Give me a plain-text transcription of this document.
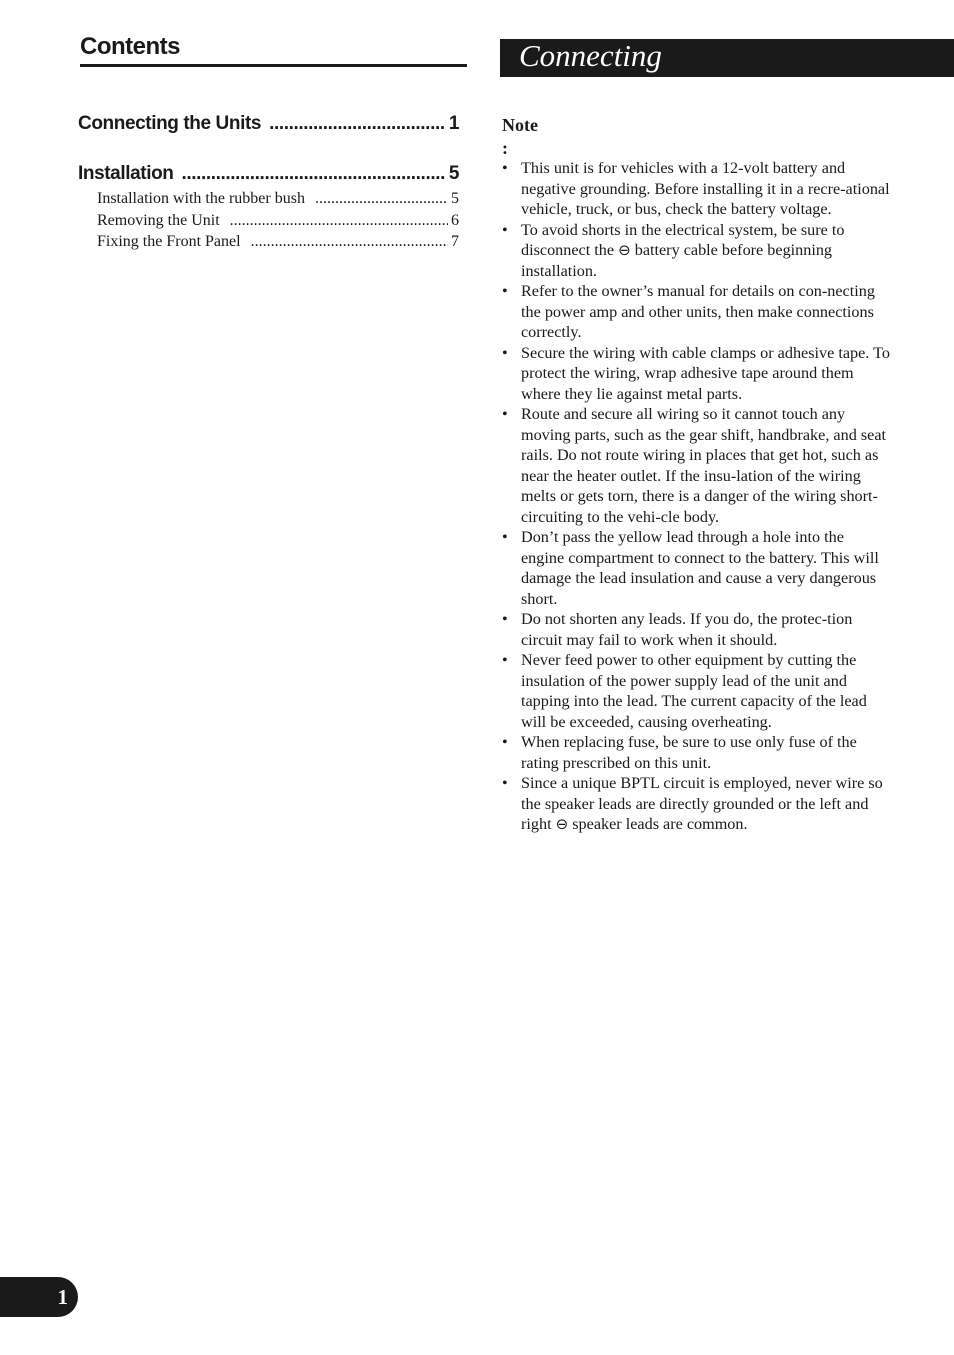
Contents	Connecting
Connecting the Units .....	1
Installation .....	5
Installation with the rubber bush .....	5
Removing the Unit .....	6
Fixing the Front Panel .....	7
Note
:
• This unit is for vehicles with a 12-volt battery and negative grounding. Before installing it in a recre-ational vehicle, truck, or bus, check the battery voltage.
• To avoid shorts in the electrical system, be sure to disconnect the ⊖ battery cable before beginning installation.
• Refer to the owner’s manual for details on con-necting the power amp and other units, then make connections correctly.
• Secure the wiring with cable clamps or adhesive tape. To protect the wiring, wrap adhesive tape around them where they lie against metal parts.
• Route and secure all wiring so it cannot touch any moving parts, such as the gear shift, handbrake, and seat rails. Do not route wiring in places that get hot, such as near the heater outlet. If the insu-lation of the wiring melts or gets torn, there is a danger of the wiring short-circuiting to the vehi-cle body.
• Don’t pass the yellow lead through a hole into the engine compartment to connect to the battery. This will damage the lead insulation and cause a very dangerous short.
• Do not shorten any leads. If you do, the protec-tion circuit may fail to work when it should.
• Never feed power to other equipment by cutting the insulation of the power supply lead of the unit and tapping into the lead. The current capacity of the lead will be exceeded, causing overheating.
• When replacing fuse, be sure to use only fuse of the rating prescribed on this unit.
• Since a unique BPTL circuit is employed, never wire so the speaker leads are directly grounded or the left and right ⊖ speaker leads are common.
1
